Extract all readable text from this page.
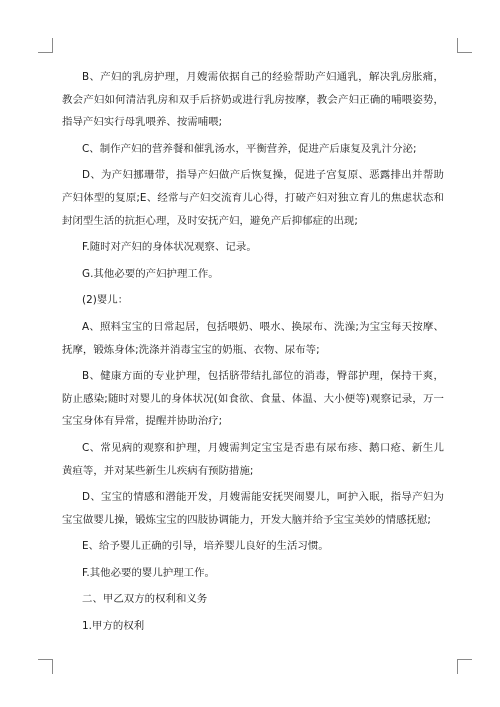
B、产妇的乳房护理，月嫂需依据自己的经验帮助产妇通乳，解决乳房胀痛，教会产妇如何清洁乳房和双手后挤奶或进行乳房按摩，教会产妇正确的哺喂姿势，指导产妇实行母乳喂养、按需哺喂;

C、制作产妇的营养餐和催乳汤水，平衡营养，促进产后康复及乳汁分泌;

D、为产妇挪珊带，指导产妇做产后恢复操，促进子宫复原、恶露排出并帮助产妇体型的复原;E、经常与产妇交流育儿心得，打破产妇对独立育儿的焦虑状态和封闭型生活的抗拒心理，及时安抚产妇，避免产后抑郁症的出现;

F.随时对产妇的身体状况观察、记录。

G.其他必要的产妇护理工作。

(2)婴儿：

A、照料宝宝的日常起居，包括喂奶、喂水、换尿布、洗澡;为宝宝每天按摩、抚摩，锻炼身体;洗涤并消毒宝宝的奶瓶、衣物、尿布等;

B、健康方面的专业护理，包括脐带结扎部位的消毒，臀部护理，保持干爽，防止感染;随时对婴儿的身体状况(如食欲、食量、体温、大小便等)观察记录，万一宝宝身体有异常，提醒并协助治疗;

C、常见病的观察和护理，月嫂需判定宝宝是否患有尿布疹、鹅口疮、新生儿黄疸等，并对某些新生儿疾病有预防措施;

D、宝宝的情感和潜能开发，月嫂需能安抚哭闹婴儿，呵护入眠，指导产妇为宝宝做婴儿操，锻炼宝宝的四肢协调能力，开发大脑并给予宝宝美妙的情感抚慰;

E、给予婴儿正确的引导，培养婴儿良好的生活习惯。

F.其他必要的婴儿护理工作。

二、甲乙双方的权利和义务

1.甲方的权利
